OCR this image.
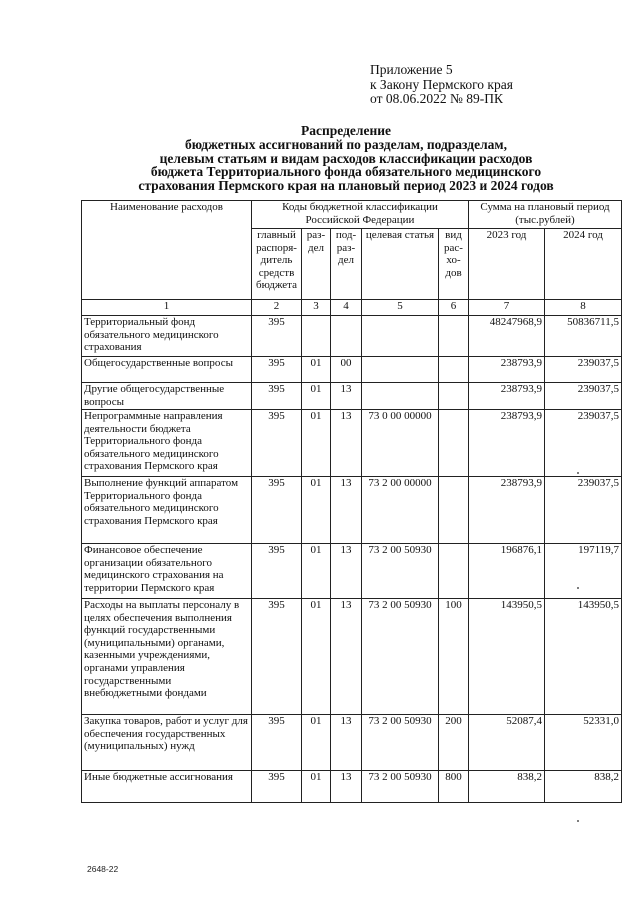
Приложение 5
к Закону Пермского края
от 08.06.2022 № 89-ПК
Распределение
бюджетных ассигнований по разделам, подразделам,
целевым статьям и видам расходов классификации расходов
бюджета Территориального фонда обязательного медицинского
страхования Пермского края на плановый период 2023 и 2024 годов
Наименование расходов	Коды бюджетной классификации Российской Федерации					Сумма на плановый период (тыс.рублей)	
	главный распоря-дитель средств бюджета	раз-дел	под-раз-дел	целевая статья	вид рас-хо-дов	2023 год	2024 год
1	2	3	4	5	6	7	8
Территориальный фонд обязательного медицинского страхования	395					48247968,9	50836711,5
Общегосударственные вопросы	395	01	00			238793,9	239037,5
Другие общегосударственные вопросы	395	01	13			238793,9	239037,5
Непрограммные направления деятельности бюджета Территориального фонда обязательного медицинского страхования Пермского края	395	01	13	73 0 00 00000		238793,9	239037,5
Выполнение функций аппаратом Территориального фонда обязательного медицинского страхования Пермского края	395	01	13	73 2 00 00000		238793,9	239037,5
Финансовое обеспечение организации обязательного медицинского страхования на территории Пермского края	395	01	13	73 2 00 50930		196876,1	197119,7
Расходы на выплаты персоналу в целях обеспечения выполнения функций государственными (муниципальными) органами, казенными учреждениями, органами управления государственными внебюджетными фондами	395	01	13	73 2 00 50930	100	143950,5	143950,5
Закупка товаров, работ и услуг для обеспечения государственных (муниципальных) нужд	395	01	13	73 2 00 50930	200	52087,4	52331,0
Иные бюджетные ассигнования	395	01	13	73 2 00 50930	800	838,2	838,2
2648-22
